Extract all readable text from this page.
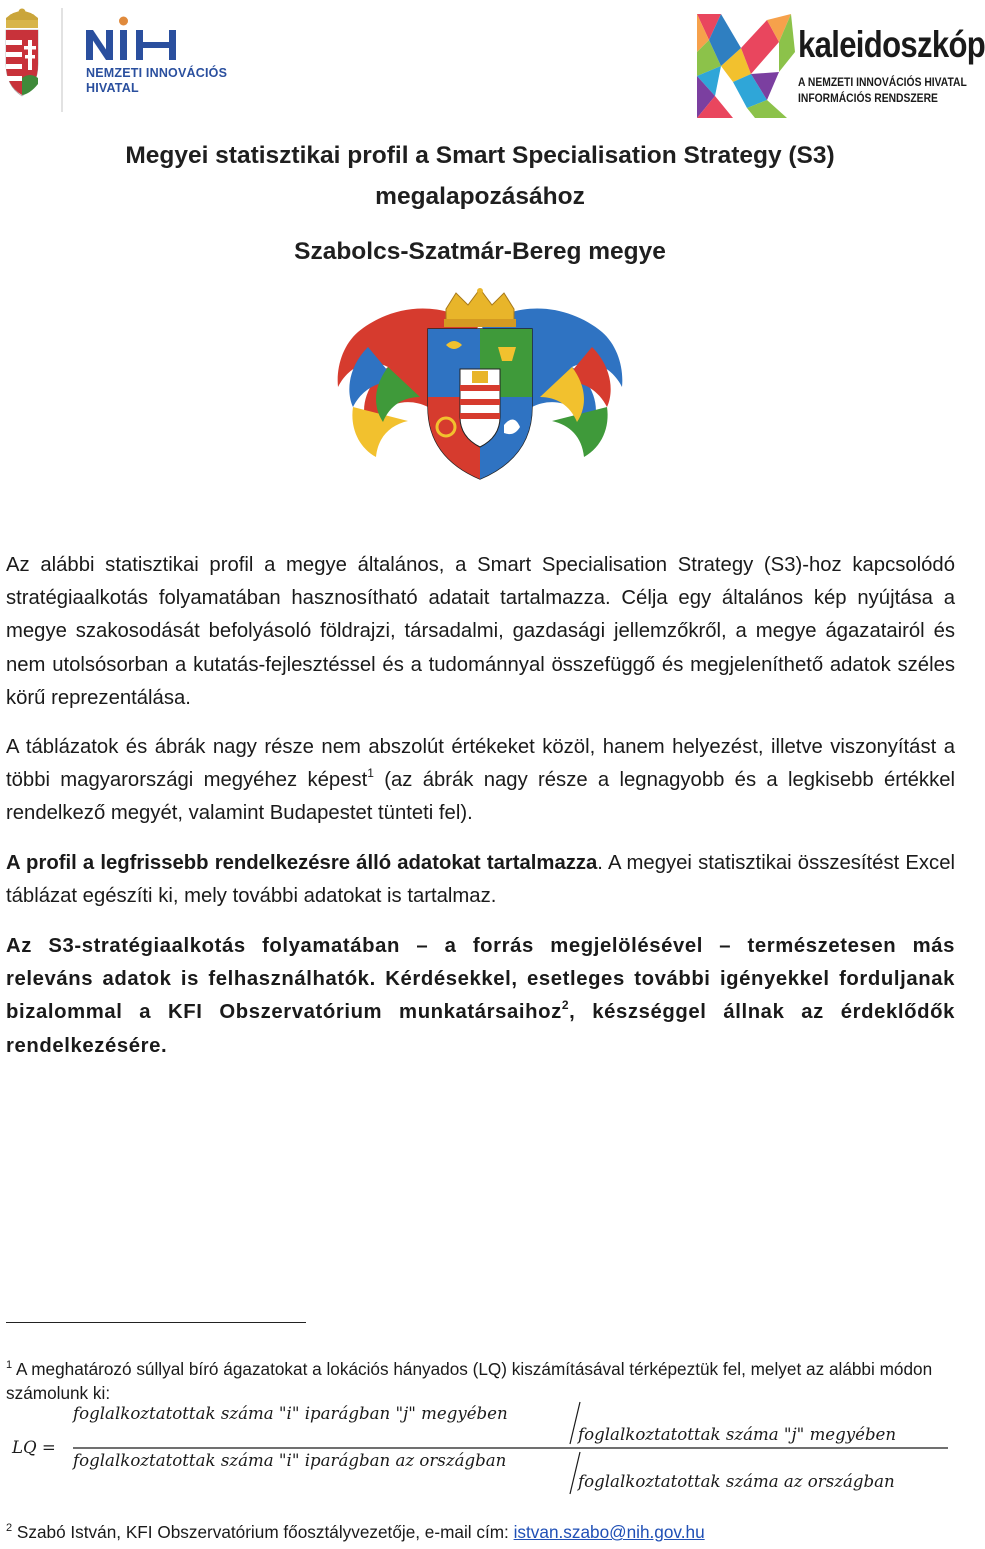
NEMZETI INNOVÁCIÓS
HIVATAL
kaleidoszkóp
A NEMZETI INNOVÁCIÓS HIVATAL
INFORMÁCIÓS RENDSZERE
Megyei statisztikai profil a Smart Specialisation Strategy (S3)
megalapozásához
Szabolcs-Szatmár-Bereg megye

Az alábbi statisztikai profil a megye általános, a Smart Specialisation Strategy (S3)-hoz kapcsolódó stratégiaalkotás folyamatában hasznosítható adatait tartalmazza. Célja egy általános kép nyújtása a megye szakosodását befolyásoló földrajzi, társadalmi, gazdasági jellemzőkről, a megye ágazatairól és nem utolsósorban a kutatás-fejlesztéssel és a tudománnyal összefüggő és megjeleníthető adatok széles körű reprezentálása.

A táblázatok és ábrák nagy része nem abszolút értékeket közöl, hanem helyezést, illetve viszonyítást a többi magyarországi megyéhez képest$^1$ (az ábrák nagy része a legnagyobb és a legkisebb értékkel rendelkező megyét, valamint Budapestet tünteti fel).

A profil a legfrissebb rendelkezésre álló adatokat tartalmazza. A megyei statisztikai összesítést Excel táblázat egészíti ki, mely további adatokat is tartalmaz.

Az S3-stratégiaalkotás folyamatában – a forrás megjelölésével – természetesen más releváns adatok is felhasználhatók. Kérdésekkel, esetleges további igényekkel forduljanak bizalommal a KFI Obszervatórium munkatársaihoz$^2$, készséggel állnak az érdeklődők rendelkezésére.

$^1$ A meghatározó súllyal bíró ágazatokat a lokációs hányados (LQ) kiszámításával térképeztük fel, melyet az alábbi módon számolunk ki:

LQ =
foglalkoztatottak száma "i" iparágban "j" megyében
foglalkoztatottak száma "j" megyében
foglalkoztatottak száma "i" iparágban az országban
foglalkoztatottak száma az országban

$^2$ Szabó István, KFI Obszervatórium főosztályvezetője, e-mail cím: istvan.szabo@nih.gov.hu
